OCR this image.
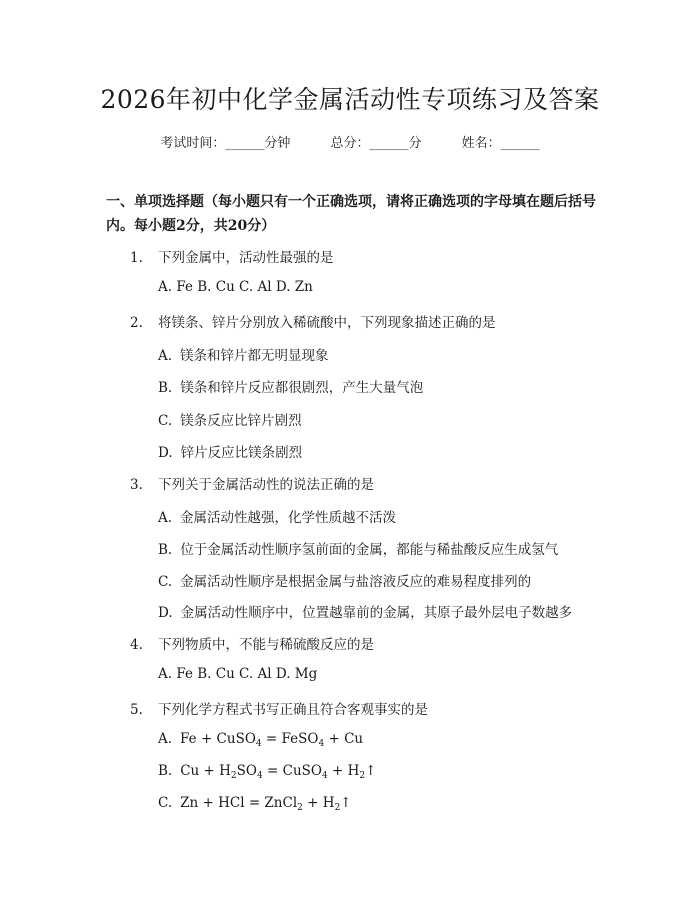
2026年初中化学金属活动性专项练习及答案
考试时间：______分钟	总分：______分	姓名：______
一、单项选择题（每小题只有一个正确选项，请将正确选项的字母填在题后括号内。每小题2分，共20分）
1. 下列金属中，活动性最强的是
A. Fe B. Cu C. Al D. Zn
2. 将镁条、锌片分别放入稀硫酸中，下列现象描述正确的是
A. 镁条和锌片都无明显现象
B. 镁条和锌片反应都很剧烈，产生大量气泡
C. 镁条反应比锌片剧烈
D. 锌片反应比镁条剧烈
3. 下列关于金属活动性的说法正确的是
A. 金属活动性越强，化学性质越不活泼
B. 位于金属活动性顺序氢前面的金属，都能与稀盐酸反应生成氢气
C. 金属活动性顺序是根据金属与盐溶液反应的难易程度排列的
D. 金属活动性顺序中，位置越靠前的金属，其原子最外层电子数越多
4. 下列物质中，不能与稀硫酸反应的是
A. Fe B. Cu C. Al D. Mg
5. 下列化学方程式书写正确且符合客观事实的是
A. Fe + CuSO$_4$ = FeSO$_4$ + Cu
B. $Cu + H_2SO_4$ = CuSO$_4$ + $H_2↑$
C. Zn + HCl = ZnCl$_2$ + $H_2↑$
